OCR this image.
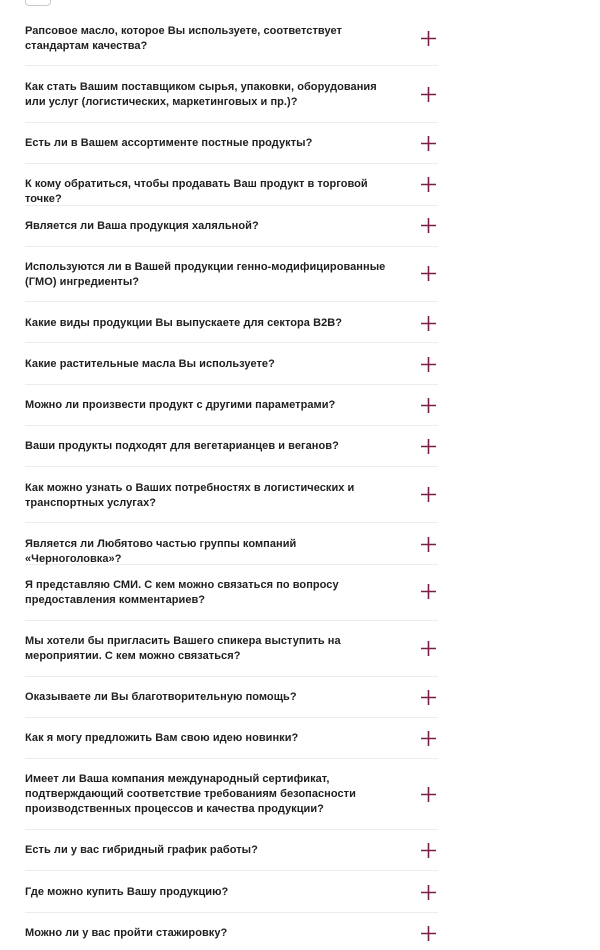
Рапсовое масло, которое Вы используете, соответствует стандартам качества?
Как стать Вашим поставщиком сырья, упаковки, оборудования или услуг (логистических, маркетинговых и пр.)?
Есть ли в Вашем ассортименте постные продукты?
К кому обратиться, чтобы продавать Ваш продукт в торговой точке?
Является ли Ваша продукция халяльной?
Используются ли в Вашей продукции генно-модифицированные (ГМО) ингредиенты?
Какие виды продукции Вы выпускаете для сектора B2B?
Какие растительные масла Вы используете?
Можно ли произвести продукт с другими параметрами?
Ваши продукты подходят для вегетарианцев и веганов?
Как можно узнать о Ваших потребностях в логистических и транспортных услугах?
Является ли Любятово частью группы компаний «Черноголовка»?
Я представляю СМИ. С кем можно связаться по вопросу предоставления комментариев?
Мы хотели бы пригласить Вашего спикера выступить на мероприятии. С кем можно связаться?
Оказываете ли Вы благотворительную помощь?
Как я могу предложить Вам свою идею новинки?
Имеет ли Ваша компания международный сертификат, подтверждающий соответствие требованиям безопасности производственных процессов и качества продукции?
Есть ли у вас гибридный график работы?
Где можно купить Вашу продукцию?
Можно ли у вас пройти стажировку?
